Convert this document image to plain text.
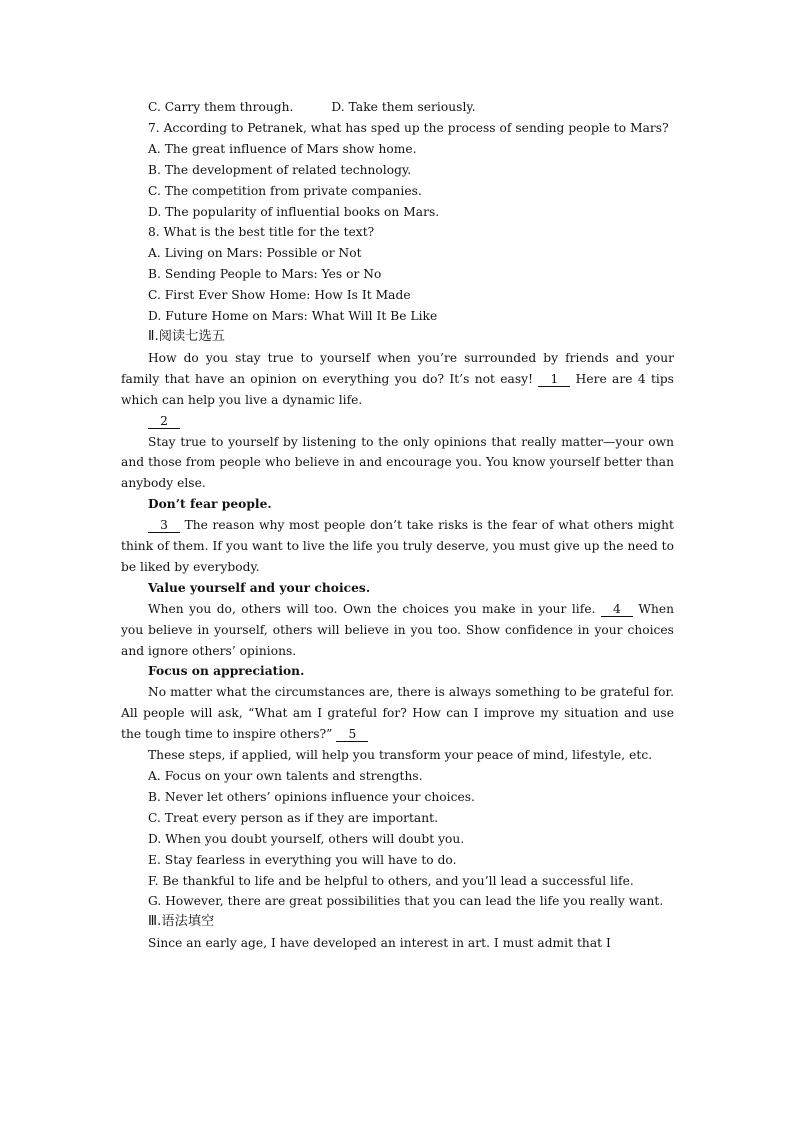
C. Carry them through.	D. Take them seriously.
7. According to Petranek, what has sped up the process of sending people to Mars?
A. The great influence of Mars show home.
B. The development of related technology.
C. The competition from private companies.
D. The popularity of influential books on Mars.
8. What is the best title for the text?
A. Living on Mars: Possible or Not
B. Sending People to Mars: Yes or No
C. First Ever Show Home: How Is It Made
D. Future Home on Mars: What Will It Be Like
Ⅱ.阅读七选五
How do you stay true to yourself when you’re surrounded by friends and your family that have an opinion on everything you do? It’s not easy! 1 Here are 4 tips which can help you live a dynamic life.
2
Stay true to yourself by listening to the only opinions that really matter—your own and those from people who believe in and encourage you. You know yourself better than anybody else.
Don’t fear people.
3 The reason why most people don’t take risks is the fear of what others might think of them. If you want to live the life you truly deserve, you must give up the need to be liked by everybody.
Value yourself and your choices.
When you do, others will too. Own the choices you make in your life. 4 When you believe in yourself, others will believe in you too. Show confidence in your choices and ignore others’ opinions.
Focus on appreciation.
No matter what the circumstances are, there is always something to be grateful for. All people will ask, “What am I grateful for? How can I improve my situation and use the tough time to inspire others?” 5
These steps, if applied, will help you transform your peace of mind, lifestyle, etc.
A. Focus on your own talents and strengths.
B. Never let others’ opinions influence your choices.
C. Treat every person as if they are important.
D. When you doubt yourself, others will doubt you.
E. Stay fearless in everything you will have to do.
F. Be thankful to life and be helpful to others, and you’ll lead a successful life.
G. However, there are great possibilities that you can lead the life you really want.
Ⅲ.语法填空
Since an early age, I have developed an interest in art. I must admit that I
